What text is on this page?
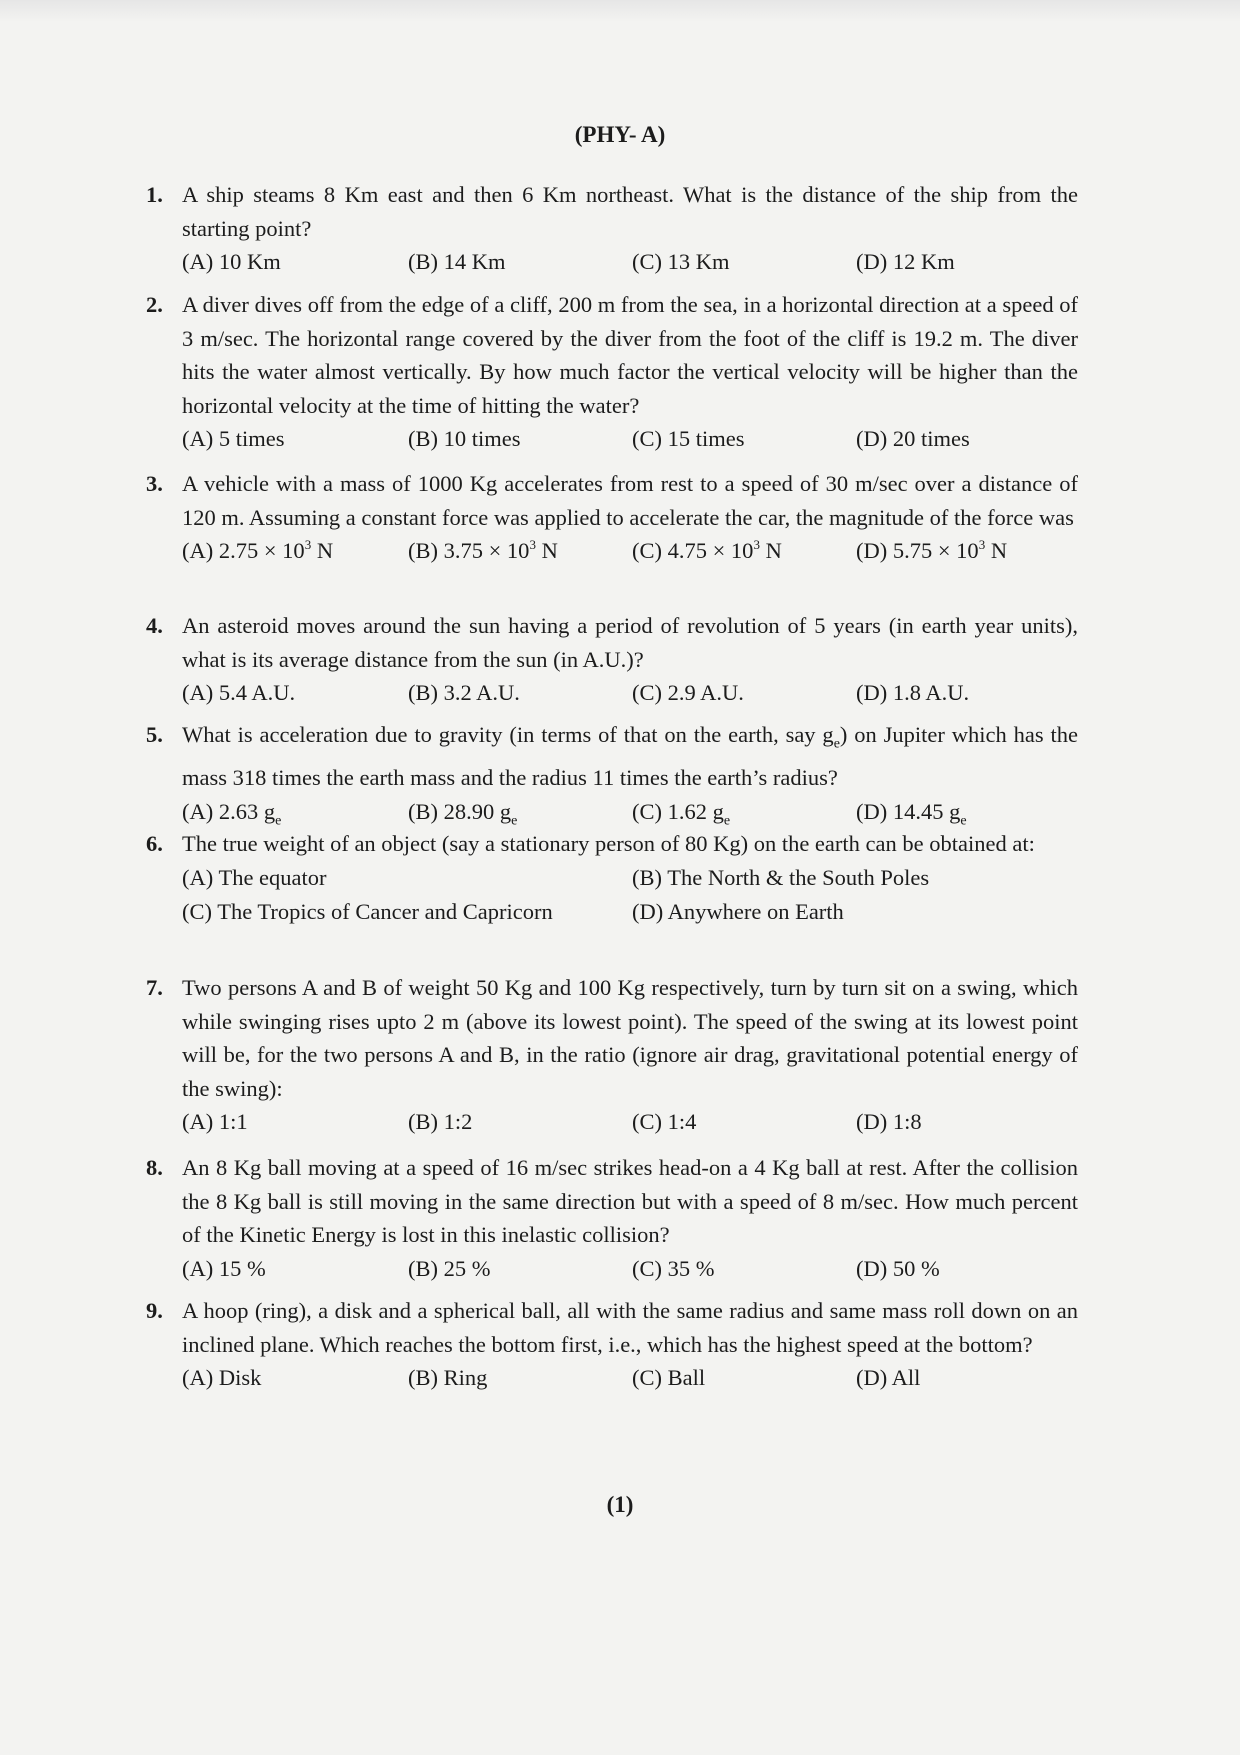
(PHY- A)
1. A ship steams 8 Km east and then 6 Km northeast. What is the distance of the ship from the starting point?
(A) 10 Km	(B) 14 Km	(C) 13 Km	(D) 12 Km
2. A diver dives off from the edge of a cliff, 200 m from the sea, in a horizontal direction at a speed of 3 m/sec. The horizontal range covered by the diver from the foot of the cliff is 19.2 m. The diver hits the water almost vertically. By how much factor the vertical velocity will be higher than the horizontal velocity at the time of hitting the water?
(A) 5 times	(B) 10 times	(C) 15 times	(D) 20 times
3. A vehicle with a mass of 1000 Kg accelerates from rest to a speed of 30 m/sec over a distance of 120 m. Assuming a constant force was applied to accelerate the car, the magnitude of the force was
(A) $2.75 \times 10^3$ N	(B) $3.75 \times 10^3$ N	(C) $4.75 \times 10^3$ N	(D) $5.75 \times 10^3$ N
4. An asteroid moves around the sun having a period of revolution of 5 years (in earth year units), what is its average distance from the sun (in A.U.)?
(A) 5.4 A.U.	(B) 3.2 A.U.	(C) 2.9 A.U.	(D) 1.8 A.U.
5. What is acceleration due to gravity (in terms of that on the earth, say $g_e$) on Jupiter which has the mass 318 times the earth mass and the radius 11 times the earth’s radius?
(A) 2.63 $g_e$	(B) 28.90 $g_e$	(C) 1.62 $g_e$	(D) 14.45 $g_e$
6. The true weight of an object (say a stationary person of 80 Kg) on the earth can be obtained at:
(A) The equator	(B) The North & the South Poles
(C) The Tropics of Cancer and Capricorn	(D) Anywhere on Earth
7. Two persons A and B of weight 50 Kg and 100 Kg respectively, turn by turn sit on a swing, which while swinging rises upto 2 m (above its lowest point). The speed of the swing at its lowest point will be, for the two persons A and B, in the ratio (ignore air drag, gravitational potential energy of the swing):
(A) 1:1	(B) 1:2	(C) 1:4	(D) 1:8
8. An 8 Kg ball moving at a speed of 16 m/sec strikes head-on a 4 Kg ball at rest. After the collision the 8 Kg ball is still moving in the same direction but with a speed of 8 m/sec. How much percent of the Kinetic Energy is lost in this inelastic collision?
(A) 15 %	(B) 25 %	(C) 35 %	(D) 50 %
9. A hoop (ring), a disk and a spherical ball, all with the same radius and same mass roll down on an inclined plane. Which reaches the bottom first, i.e., which has the highest speed at the bottom?
(A) Disk	(B) Ring	(C) Ball	(D) All
(1)
